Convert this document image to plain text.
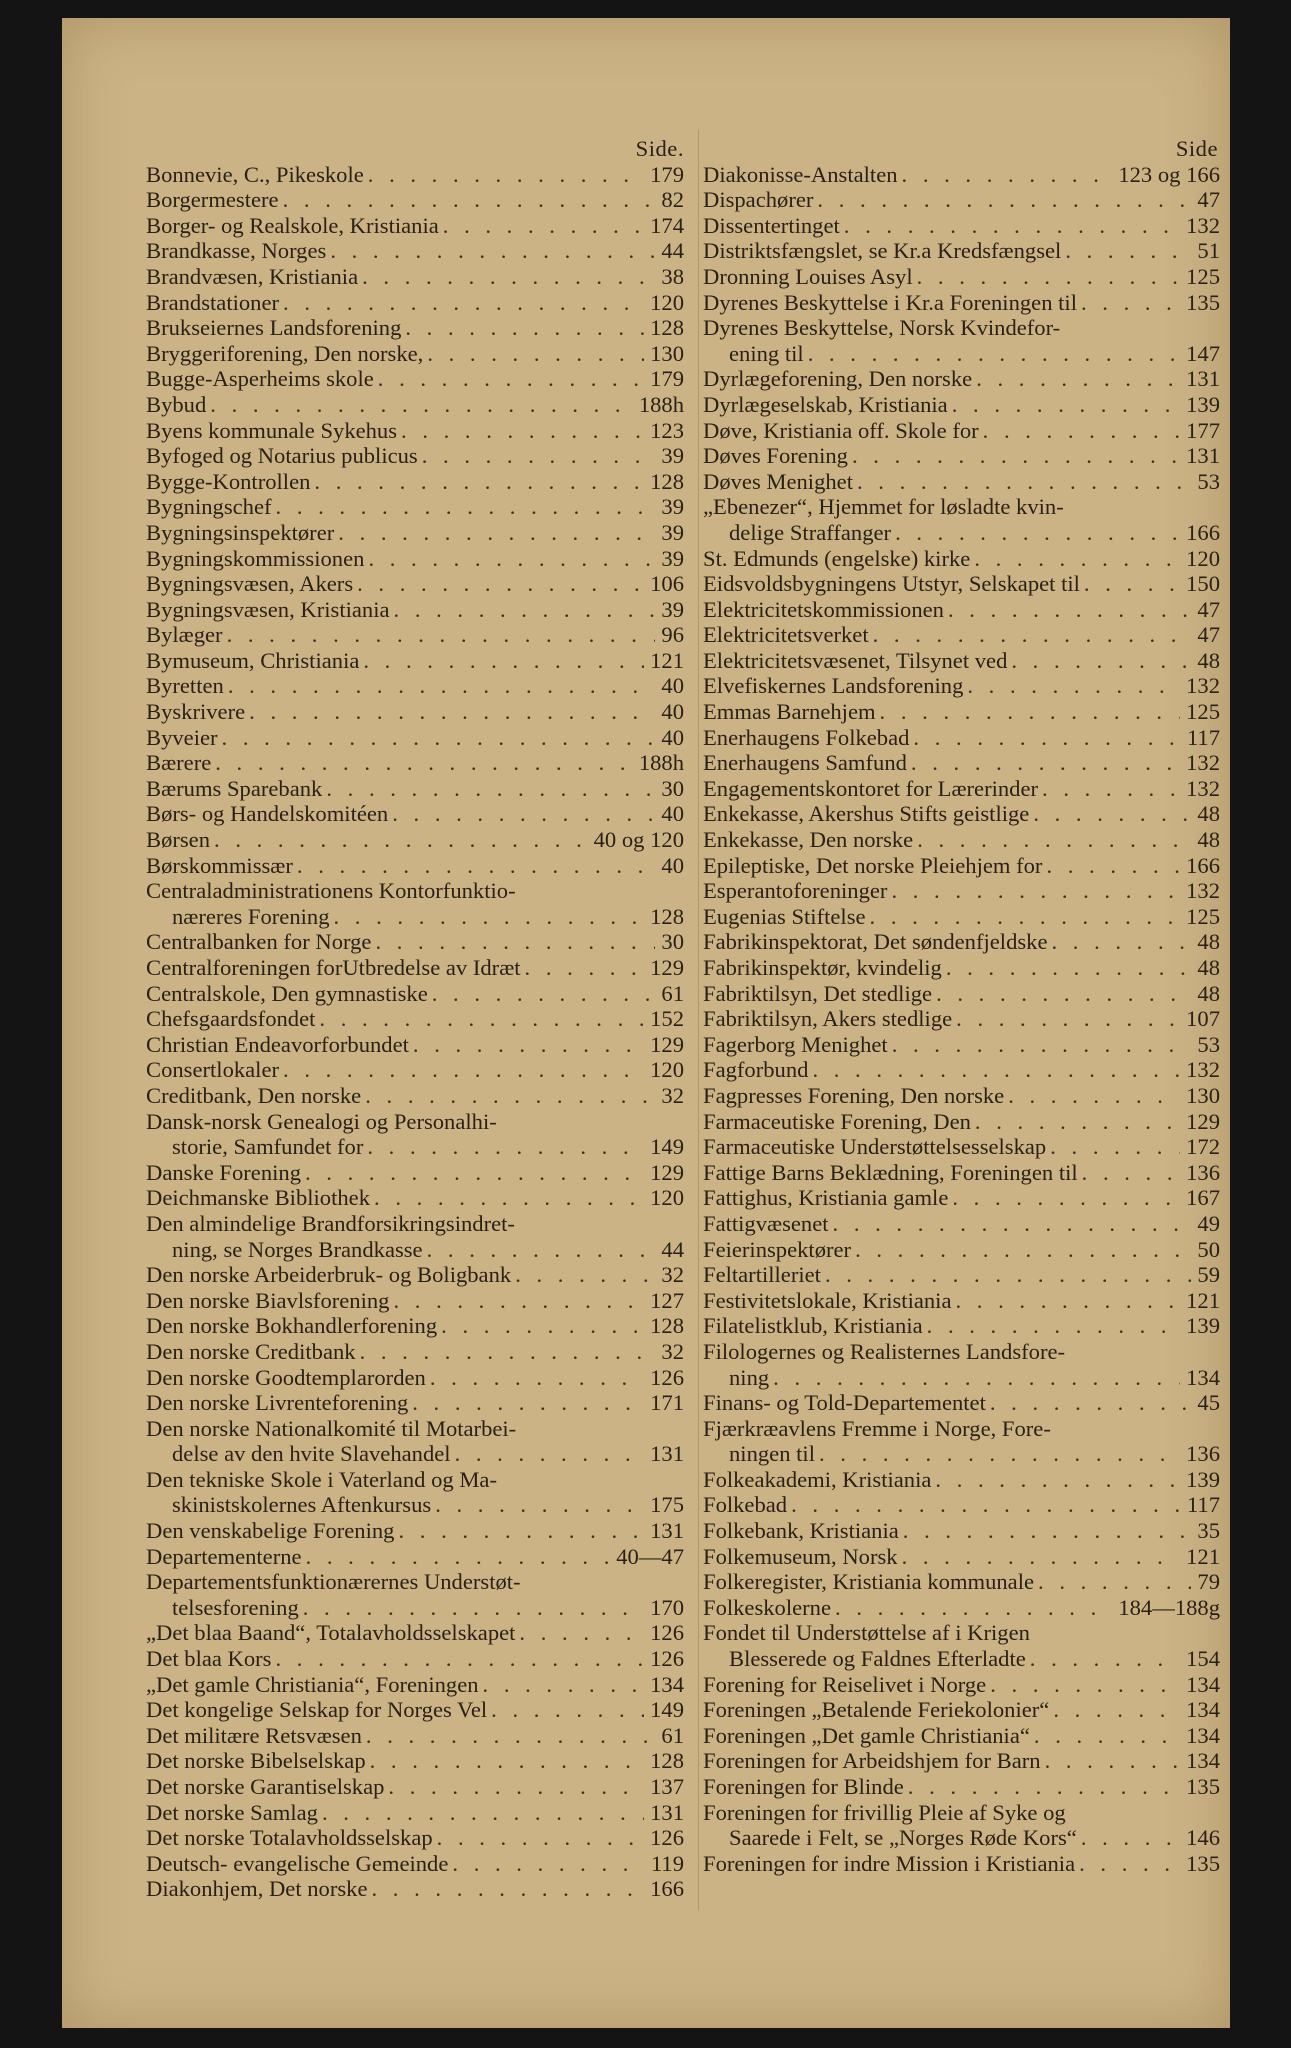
Side.
Bonnevie, C., Pikeskole . . .	179
Borgermestere . . .	82
Borger- og Realskole, Kristiania . . .	174
Brandkasse, Norges . . .	44
Brandvæsen, Kristiania . . .	38
Brandstationer . . .	120
Brukseiernes Landsforening . . .	128
Bryggeriforening, Den norske, . . .	130
Bugge-Asperheims skole . . .	179
Bybud . . .	188h
Byens kommunale Sykehus . . .	123
Byfoged og Notarius publicus . . .	39
Bygge-Kontrollen . . .	128
Bygningschef . . .	39
Bygningsinspektører . . .	39
Bygningskommissionen . . .	39
Bygningsvæsen, Akers . . .	106
Bygningsvæsen, Kristiania . . .	39
Bylæger . . .	96
Bymuseum, Christiania . . .	121
Byretten . . .	40
Byskrivere . . .	40
Byveier . . .	40
Bærere . . .	188h
Bærums Sparebank . . .	30
Børs- og Handelskomitéen . . .	40
Børsen . . .	40 og 120
Børskommissær . . .	40
Centraladministrationens Kontorfunktio-
næreres Forening . . .	128
Centralbanken for Norge . . .	30
Centralforeningen forUtbredelse av Idræt . . .	129
Centralskole, Den gymnastiske . . .	61
Chefsgaardsfondet . . .	152
Christian Endeavorforbundet . . .	129
Consertlokaler . . .	120
Creditbank, Den norske . . .	32
Dansk-norsk Genealogi og Personalhi-
storie, Samfundet for . . .	149
Danske Forening . . .	129
Deichmanske Bibliothek . . .	120
Den almindelige Brandforsikringsindret-
ning, se Norges Brandkasse . . .	44
Den norske Arbeiderbruk- og Boligbank . . .	32
Den norske Biavlsforening . . .	127
Den norske Bokhandlerforening . . .	128
Den norske Creditbank . . .	32
Den norske Goodtemplarorden . . .	126
Den norske Livrenteforening . . .	171
Den norske Nationalkomité til Motarbei-
delse av den hvite Slavehandel . . .	131
Den tekniske Skole i Vaterland og Ma-
skinistskolernes Aftenkursus . . .	175
Den venskabelige Forening . . .	131
Departementerne . . .	40—47
Departementsfunktionærernes Understøt-
telsesforening . . .	170
„Det blaa Baand“, Totalavholdsselskapet . . .	126
Det blaa Kors . . .	126
„Det gamle Christiania“, Foreningen . . .	134
Det kongelige Selskap for Norges Vel . . .	149
Det militære Retsvæsen . . .	61
Det norske Bibelselskap . . .	128
Det norske Garantiselskap . . .	137
Det norske Samlag . . .	131
Det norske Totalavholdsselskap . . .	126
Deutsch- evangelische Gemeinde . . .	119
Diakonhjem, Det norske . . .	166
Side
Diakonisse-Anstalten . . .	123 og 166
Dispachører . . .	47
Dissentertinget . . .	132
Distriktsfængslet, se Kr.a Kredsfængsel . . .	51
Dronning Louises Asyl . . .	125
Dyrenes Beskyttelse i Kr.a Foreningen til . . .	135
Dyrenes Beskyttelse, Norsk Kvindefor-
ening til . . .	147
Dyrlægeforening, Den norske . . .	131
Dyrlægeselskab, Kristiania . . .	139
Døve, Kristiania off. Skole for . . .	177
Døves Forening . . .	131
Døves Menighet . . .	53
„Ebenezer“, Hjemmet for løsladte kvin-
delige Straffanger . . .	166
St. Edmunds (engelske) kirke . . .	120
Eidsvoldsbygningens Utstyr, Selskapet til . . .	150
Elektricitetskommissionen . . .	47
Elektricitetsverket . . .	47
Elektricitetsvæsenet, Tilsynet ved . . .	48
Elvefiskernes Landsforening . . .	132
Emmas Barnehjem . . .	125
Enerhaugens Folkebad . . .	117
Enerhaugens Samfund . . .	132
Engagementskontoret for Lærerinder . . .	132
Enkekasse, Akershus Stifts geistlige . . .	48
Enkekasse, Den norske . . .	48
Epileptiske, Det norske Pleiehjem for . . .	166
Esperantoforeninger . . .	132
Eugenias Stiftelse . . .	125
Fabrikinspektorat, Det søndenfjeldske . . .	48
Fabrikinspektør, kvindelig . . .	48
Fabriktilsyn, Det stedlige . . .	48
Fabriktilsyn, Akers stedlige . . .	107
Fagerborg Menighet . . .	53
Fagforbund . . .	132
Fagpresses Forening, Den norske . . .	130
Farmaceutiske Forening, Den . . .	129
Farmaceutiske Understøttelsesselskap . . .	172
Fattige Barns Beklædning, Foreningen til . . .	136
Fattighus, Kristiania gamle . . .	167
Fattigvæsenet . . .	49
Feierinspektører . . .	50
Feltartilleriet . . .	59
Festivitetslokale, Kristiania . . .	121
Filatelistklub, Kristiania . . .	139
Filologernes og Realisternes Landsfore-
ning . . .	134
Finans- og Told-Departementet . . .	45
Fjærkræavlens Fremme i Norge, Fore-
ningen til . . .	136
Folkeakademi, Kristiania . . .	139
Folkebad . . .	117
Folkebank, Kristiania . . .	35
Folkemuseum, Norsk . . .	121
Folkeregister, Kristiania kommunale . . .	79
Folkeskolerne . . .	184—188g
Fondet til Understøttelse af i Krigen
Blesserede og Faldnes Efterladte . . .	154
Forening for Reiselivet i Norge . . .	134
Foreningen „Betalende Feriekolonier“ . . .	134
Foreningen „Det gamle Christiania“ . . .	134
Foreningen for Arbeidshjem for Barn . . .	134
Foreningen for Blinde . . .	135
Foreningen for frivillig Pleie af Syke og
Saarede i Felt, se „Norges Røde Kors“ . . .	146
Foreningen for indre Mission i Kristiania . . .	135
